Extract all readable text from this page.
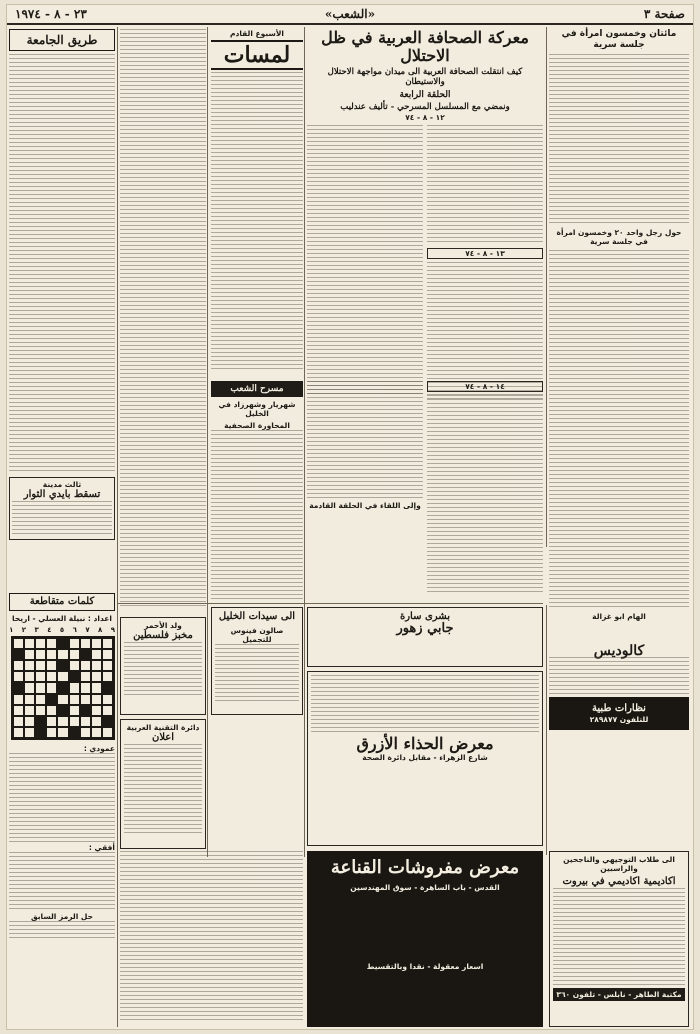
صفحة ٣
«الشعب»
٢٣ - ٨ - ١٩٧٤
مائتان وخمسون امرأة في جلسة سرية
حول رجل واحد ٢٠ وخمسون امرأة في جلسة سرية
الهام ابو غزالة
معركة الصحافة العربية في ظل الاحتلال
كيف انتقلت الصحافة العربية الى ميدان مواجهة الاحتلال والاستيطان
الحلقة الرابعة
ونمضي مع المسلسل المسرحي - تأليف عندليب
١٢ - ٨ - ٧٤
١٣ - ٨ - ٧٤
١٤ - ٨ - ٧٤
وإلى اللقاء في الحلقة القادمة
مسرح الشعب
شهريار وشهرزاد في الخليل
المحاورة الصحفية
الأسبوع القادم
لمسات
طريق الجامعة
ثالث مدينة
تسقط بايدي الثوار
كلمات متقاطعة
اعداد : نبيلة العسلي - اريحا
٩
٨
٧
٦
٥
٤
٣
٢
١
عمودي :
أفقي :
حل الرمز السابق
الى سيدات الخليل
صالون فينوس للتجميل
ولد الأحمر
مخبز فلسطين
دائرة التقنية العربية
اعلان
بشرى سارة
جابي زهور
معرض الحذاء الأزرق
شارع الزهراء - مقابل دائرة الصحة
كالوديس
نظارات طبية
للتلفون ٢٨٩٨٧٧
معرض مفروشات القناعة
القدس - باب الساهرة - سوق المهندسين
اسعار معقولة - نقدا وبالتقسيط
الى طلاب التوجيهي والناجحين والراسبين
اكاديمية اكاديمي في بيروت
مكتبة الطاهر - نابلس - تلفون ٣٦٠
